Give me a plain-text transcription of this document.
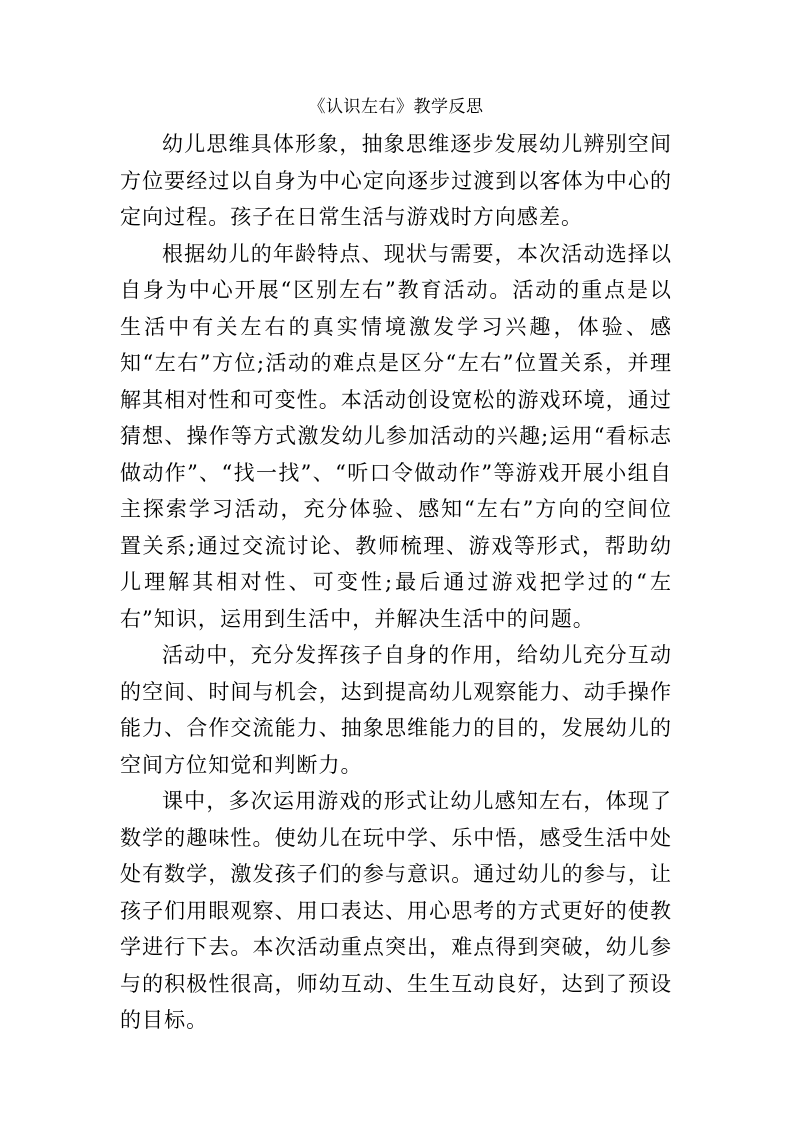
《认识左右》教学反思

幼儿思维具体形象，抽象思维逐步发展幼儿辨别空间方位要经过以自身为中心定向逐步过渡到以客体为中心的定向过程。孩子在日常生活与游戏时方向感差。

根据幼儿的年龄特点、现状与需要，本次活动选择以自身为中心开展“区别左右”教育活动。活动的重点是以生活中有关左右的真实情境激发学习兴趣，体验、感知“左右”方位;活动的难点是区分“左右”位置关系，并理解其相对性和可变性。本活动创设宽松的游戏环境，通过猜想、操作等方式激发幼儿参加活动的兴趣;运用“看标志做动作”、“找一找”、“听口令做动作”等游戏开展小组自主探索学习活动，充分体验、感知“左右”方向的空间位置关系;通过交流讨论、教师梳理、游戏等形式，帮助幼儿理解其相对性、可变性;最后通过游戏把学过的“左右”知识，运用到生活中，并解决生活中的问题。

活动中，充分发挥孩子自身的作用，给幼儿充分互动的空间、时间与机会，达到提高幼儿观察能力、动手操作能力、合作交流能力、抽象思维能力的目的，发展幼儿的空间方位知觉和判断力。

课中，多次运用游戏的形式让幼儿感知左右，体现了数学的趣味性。使幼儿在玩中学、乐中悟，感受生活中处处有数学，激发孩子们的参与意识。通过幼儿的参与，让孩子们用眼观察、用口表达、用心思考的方式更好的使教学进行下去。本次活动重点突出，难点得到突破，幼儿参与的积极性很高，师幼互动、生生互动良好，达到了预设的目标。
